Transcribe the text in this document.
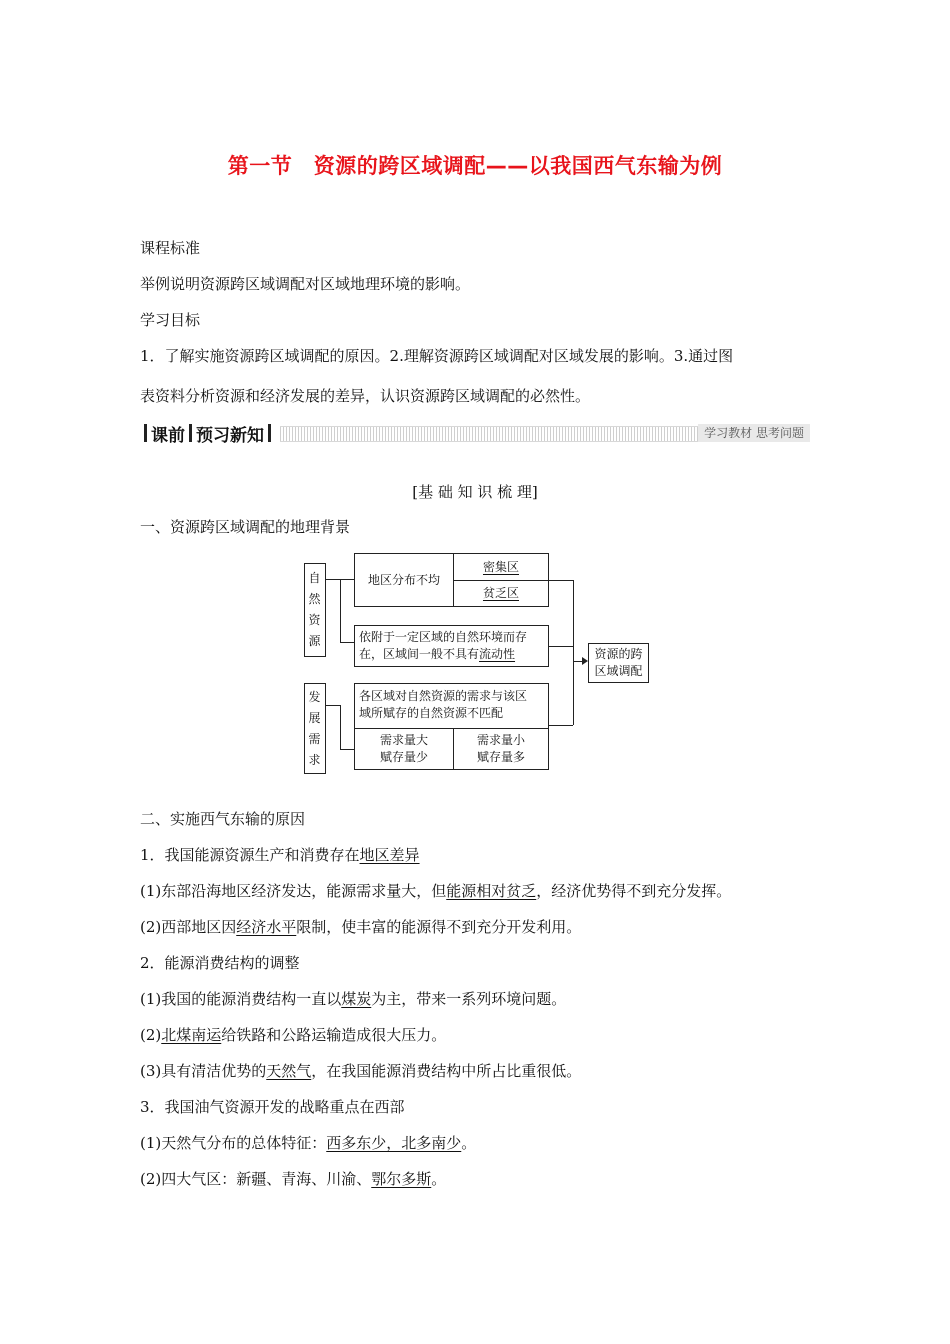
第一节　资源的跨区域调配——以我国西气东输为例
课程标准
举例说明资源跨区域调配对区域地理环境的影响。
学习目标
1．了解实施资源跨区域调配的原因。2.理解资源跨区域调配对区域发展的影响。3.通过图
表资料分析资源和经济发展的差异，认识资源跨区域调配的必然性。
课前 预习新知	学习教材 思考问题
[基 础 知 识 梳 理]
一、资源跨区域调配的地理背景
自然资源
发展需求
地区分布不均
密集区
贫乏区
依附于一定区域的自然环境而存
在，区域间一般不具有流动性	资源的跨
区域调配
各区域对自然资源的需求与该区
域所赋存的自然资源不匹配
需求量大
赋存量少
需求量小
赋存量多
二、实施西气东输的原因
1．我国能源资源生产和消费存在地区差异
(1)东部沿海地区经济发达，能源需求量大，但能源相对贫乏，经济优势得不到充分发挥。
(2)西部地区因经济水平限制，使丰富的能源得不到充分开发利用。
2．能源消费结构的调整
(1)我国的能源消费结构一直以煤炭为主，带来一系列环境问题。
(2)北煤南运给铁路和公路运输造成很大压力。
(3)具有清洁优势的天然气，在我国能源消费结构中所占比重很低。
3．我国油气资源开发的战略重点在西部
(1)天然气分布的总体特征：西多东少，北多南少。
(2)四大气区：新疆、青海、川渝、鄂尔多斯。
